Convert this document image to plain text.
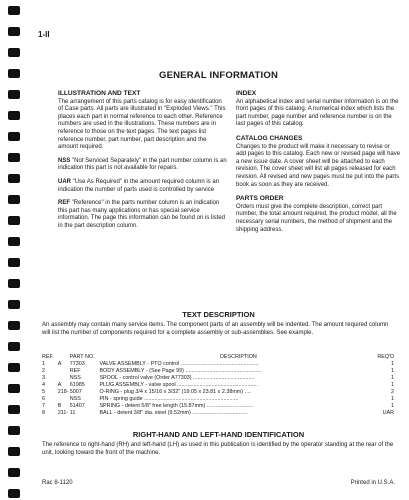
1-II
GENERAL INFORMATION
ILLUSTRATION AND TEXT

The arrangement of this parts catalog is for easy identification of Case parts. All parts are illustrated in "Exploded Views." This places each part in normal reference to each other. Reference numbers are used in the illustrations. These numbers are in reference to those on the text pages. The text pages list reference number, part number, part description and the amount required.

NSS "Not Serviced Separately" in the part number column is an indication this part is not available for repairs.

UAR "Use As Required" in the amount required column is an indication the number of parts used is controlled by service

REF "Reference" in the parts number column is an indication this part has many applications or has special service information. The page this information can be found on is listed in the part description column.

INDEX

An alphabetical index and serial number information is on the front pages of this catalog. A numerical index which lists the part number, page number and reference number is on the last pages of this catalog.

CATALOG CHANGES

Changes to the product will make it necessary to revise or add pages to this catalog. Each new or revised page will have a new issue date. A cover sheet will be attached to each revision. The cover sheet will list all pages released for each revision. All revised and new pages must be put into the parts book as soon as they are received.

PARTS ORDER

Orders must give the complete description, correct part number, the total amount required, the product model, all the necessary serial numbers, the method of shipment and the shipping address.

TEXT DESCRIPTION
An assembly may contain many service items. The component parts of an assembly will be indented. The amount required column will list the number of components required for a complete assembly or sub-assemblies. See example.
REF.		PART NO.	DESCRIPTION	REQ'D
1	A	77303	VALVE ASSEMBLY - PTO control ....................................................	1
2		REF	BODY ASSEMBLY - (See Page 99) ...................................................	1
3		NSS	SPOOL - control valve (Order A77303) .........................................	1
4	A	61985	PLUG ASSEMBLY - valve spool ......................................................	1
5	218-	5007	O-RING - plug 3/4 x 15/16 x 3/32" (19.05 x 23.81 x 2.38mm) ....	2
6		NSS	PIN - spring guide ...............................................................	1
7	B	51407	SPRING - detent 5/8" free length (15.87mm) ...............................	1
8	211-	11	BALL - detent 3/8" dia. steel (9.52mm) .....................................	UAR
RIGHT-HAND AND LEFT-HAND IDENTIFICATION
The reference to right-hand (RH) and left-hand (LH) as used in this publication is identified by the operator standing at the rear of the unit, looking toward the front of the machine.
Rac 8-1120	Printed in U.S.A.
